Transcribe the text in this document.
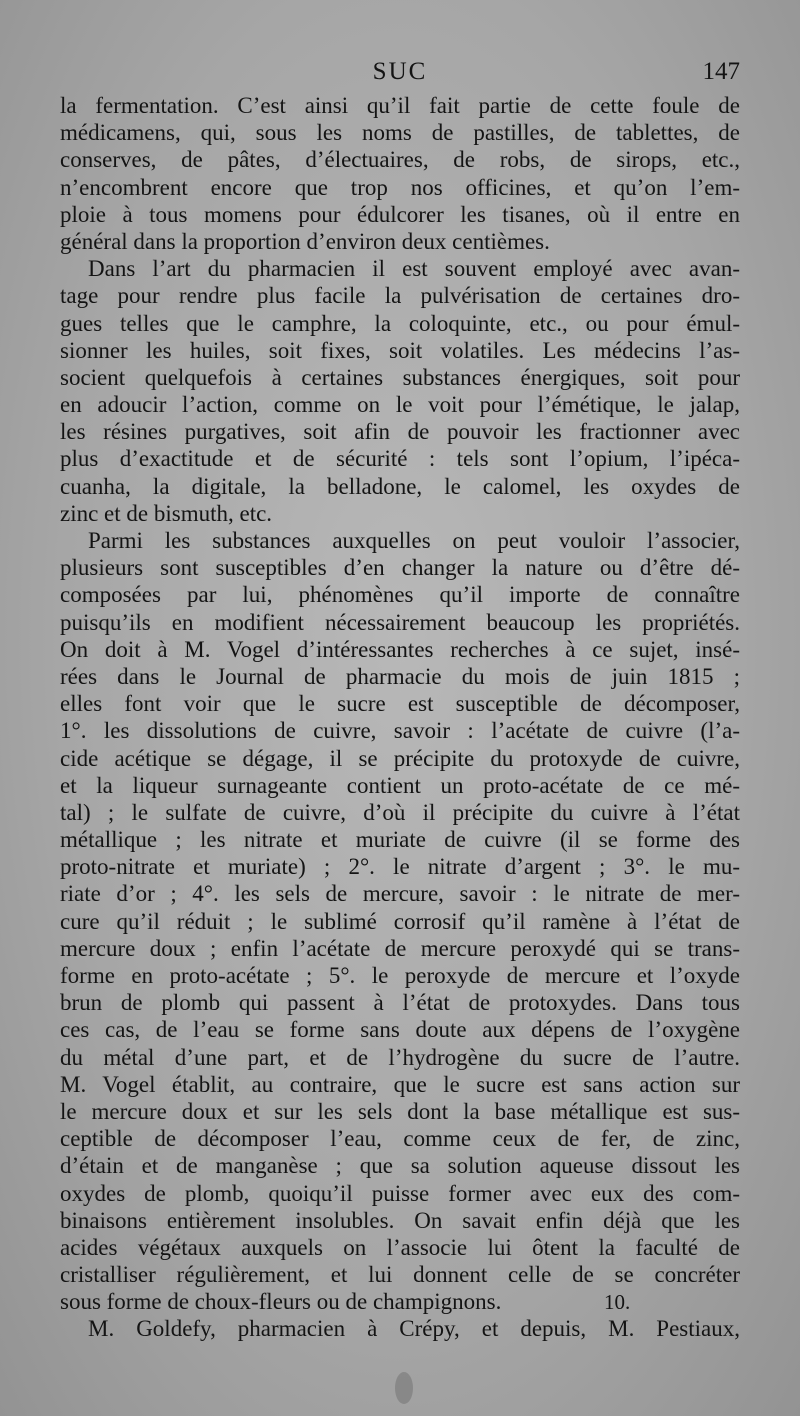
SUC	147
la fermentation. C’est ainsi qu’il fait partie de cette foule de
médicamens, qui, sous les noms de pastilles, de tablettes, de
conserves, de pâtes, d’électuaires, de robs, de sirops, etc.,
n’encombrent encore que trop nos officines, et qu’on l’em-
ploie à tous momens pour édulcorer les tisanes, où il entre en
général dans la proportion d’environ deux centièmes.
Dans l’art du pharmacien il est souvent employé avec avan-
tage pour rendre plus facile la pulvérisation de certaines dro-
gues telles que le camphre, la coloquinte, etc., ou pour émul-
sionner les huiles, soit fixes, soit volatiles. Les médecins l’as-
socient quelquefois à certaines substances énergiques, soit pour
en adoucir l’action, comme on le voit pour l’émétique, le jalap,
les résines purgatives, soit afin de pouvoir les fractionner avec
plus d’exactitude et de sécurité : tels sont l’opium, l’ipéca-
cuanha, la digitale, la belladone, le calomel, les oxydes de
zinc et de bismuth, etc.
Parmi les substances auxquelles on peut vouloir l’associer,
plusieurs sont susceptibles d’en changer la nature ou d’être dé-
composées par lui, phénomènes qu’il importe de connaître
puisqu’ils en modifient nécessairement beaucoup les propriétés.
On doit à M. Vogel d’intéressantes recherches à ce sujet, insé-
rées dans le Journal de pharmacie du mois de juin 1815 ;
elles font voir que le sucre est susceptible de décomposer,
1°. les dissolutions de cuivre, savoir : l’acétate de cuivre (l’a-
cide acétique se dégage, il se précipite du protoxyde de cuivre,
et la liqueur surnageante contient un proto-acétate de ce mé-
tal) ; le sulfate de cuivre, d’où il précipite du cuivre à l’état
métallique ; les nitrate et muriate de cuivre (il se forme des
proto-nitrate et muriate) ; 2°. le nitrate d’argent ; 3°. le mu-
riate d’or ; 4°. les sels de mercure, savoir : le nitrate de mer-
cure qu’il réduit ; le sublimé corrosif qu’il ramène à l’état de
mercure doux ; enfin l’acétate de mercure peroxydé qui se trans-
forme en proto-acétate ; 5°. le peroxyde de mercure et l’oxyde
brun de plomb qui passent à l’état de protoxydes. Dans tous
ces cas, de l’eau se forme sans doute aux dépens de l’oxygène
du métal d’une part, et de l’hydrogène du sucre de l’autre.
M. Vogel établit, au contraire, que le sucre est sans action sur
le mercure doux et sur les sels dont la base métallique est sus-
ceptible de décomposer l’eau, comme ceux de fer, de zinc,
d’étain et de manganèse ; que sa solution aqueuse dissout les
oxydes de plomb, quoiqu’il puisse former avec eux des com-
binaisons entièrement insolubles. On savait enfin déjà que les
acides végétaux auxquels on l’associe lui ôtent la faculté de
cristalliser régulièrement, et lui donnent celle de se concréter
sous forme de choux-fleurs ou de champignons.
M. Goldefy, pharmacien à Crépy, et depuis, M. Pestiaux,
10.
